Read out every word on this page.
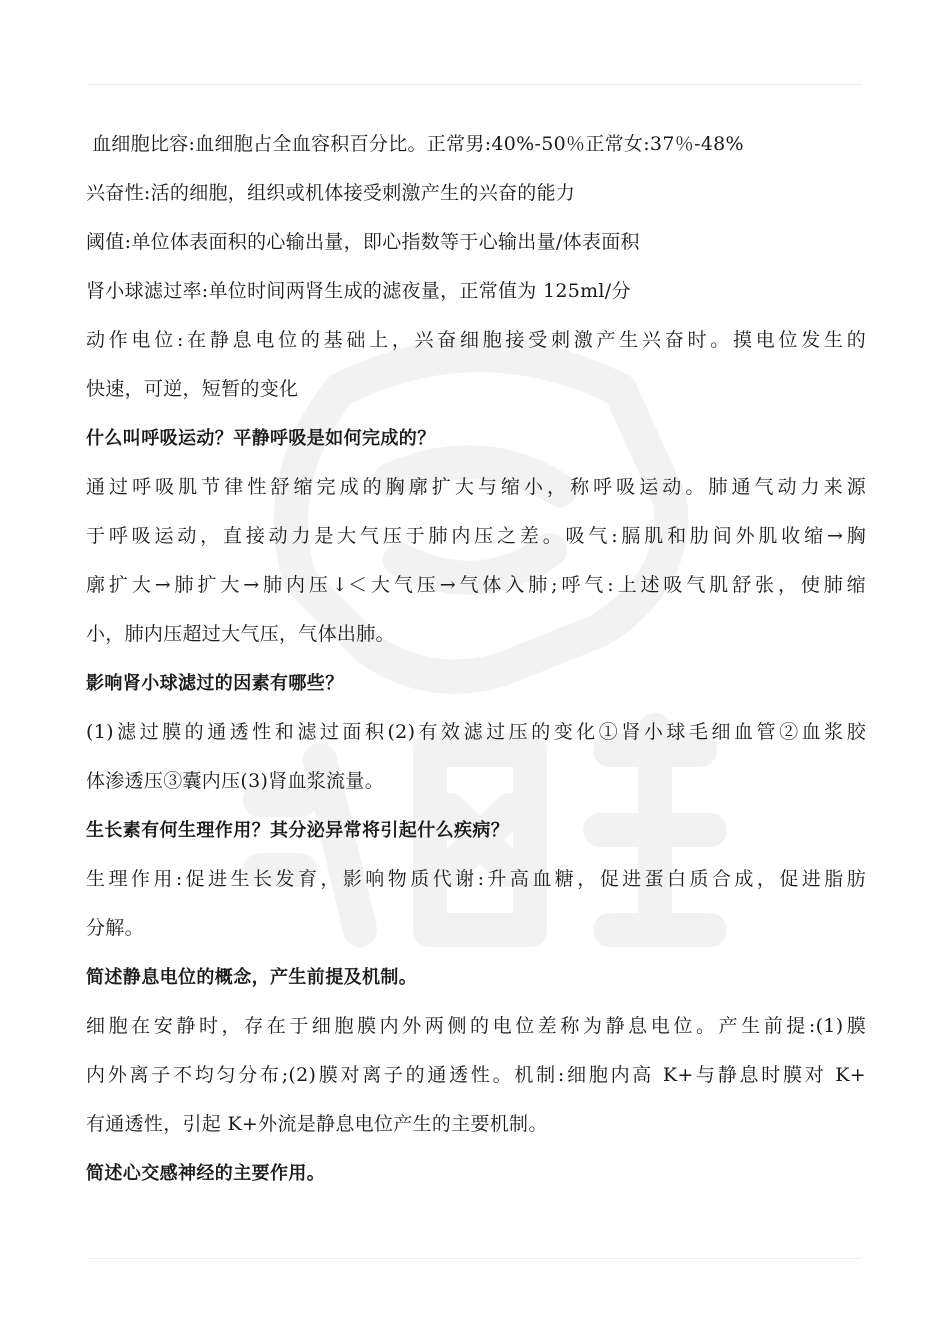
血细胞比容:血细胞占全血容积百分比。正常男:40%-50％正常女:37％-48%
兴奋性:活的细胞，组织或机体接受刺激产生的兴奋的能力
阈值:单位体表面积的心输出量，即心指数等于心输出量/体表面积
肾小球滤过率:单位时间两肾生成的滤夜量，正常值为 125ml/分
动作电位:在静息电位的基础上，兴奋细胞接受刺激产生兴奋时。摸电位发生的
快速，可逆，短暂的变化
什么叫呼吸运动？平静呼吸是如何完成的？
通过呼吸肌节律性舒缩完成的胸廓扩大与缩小，称呼吸运动。肺通气动力来源
于呼吸运动，直接动力是大气压于肺内压之差。吸气:膈肌和肋间外肌收缩→胸
廓扩大→肺扩大→肺内压↓＜大气压→气体入肺;呼气:上述吸气肌舒张，使肺缩
小，肺内压超过大气压，气体出肺。
影响肾小球滤过的因素有哪些？
(1)滤过膜的通透性和滤过面积(2)有效滤过压的变化①肾小球毛细血管②血浆胶
体渗透压③囊内压(3)肾血浆流量。
生长素有何生理作用？其分泌异常将引起什么疾病？
生理作用:促进生长发育，影响物质代谢:升高血糖，促进蛋白质合成，促进脂肪
分解。
简述静息电位的概念，产生前提及机制。
细胞在安静时，存在于细胞膜内外两侧的电位差称为静息电位。产生前提:(1)膜
内外离子不均匀分布;(2)膜对离子的通透性。机制:细胞内高 K+与静息时膜对 K+
有通透性，引起 K+外流是静息电位产生的主要机制。
简述心交感神经的主要作用。
